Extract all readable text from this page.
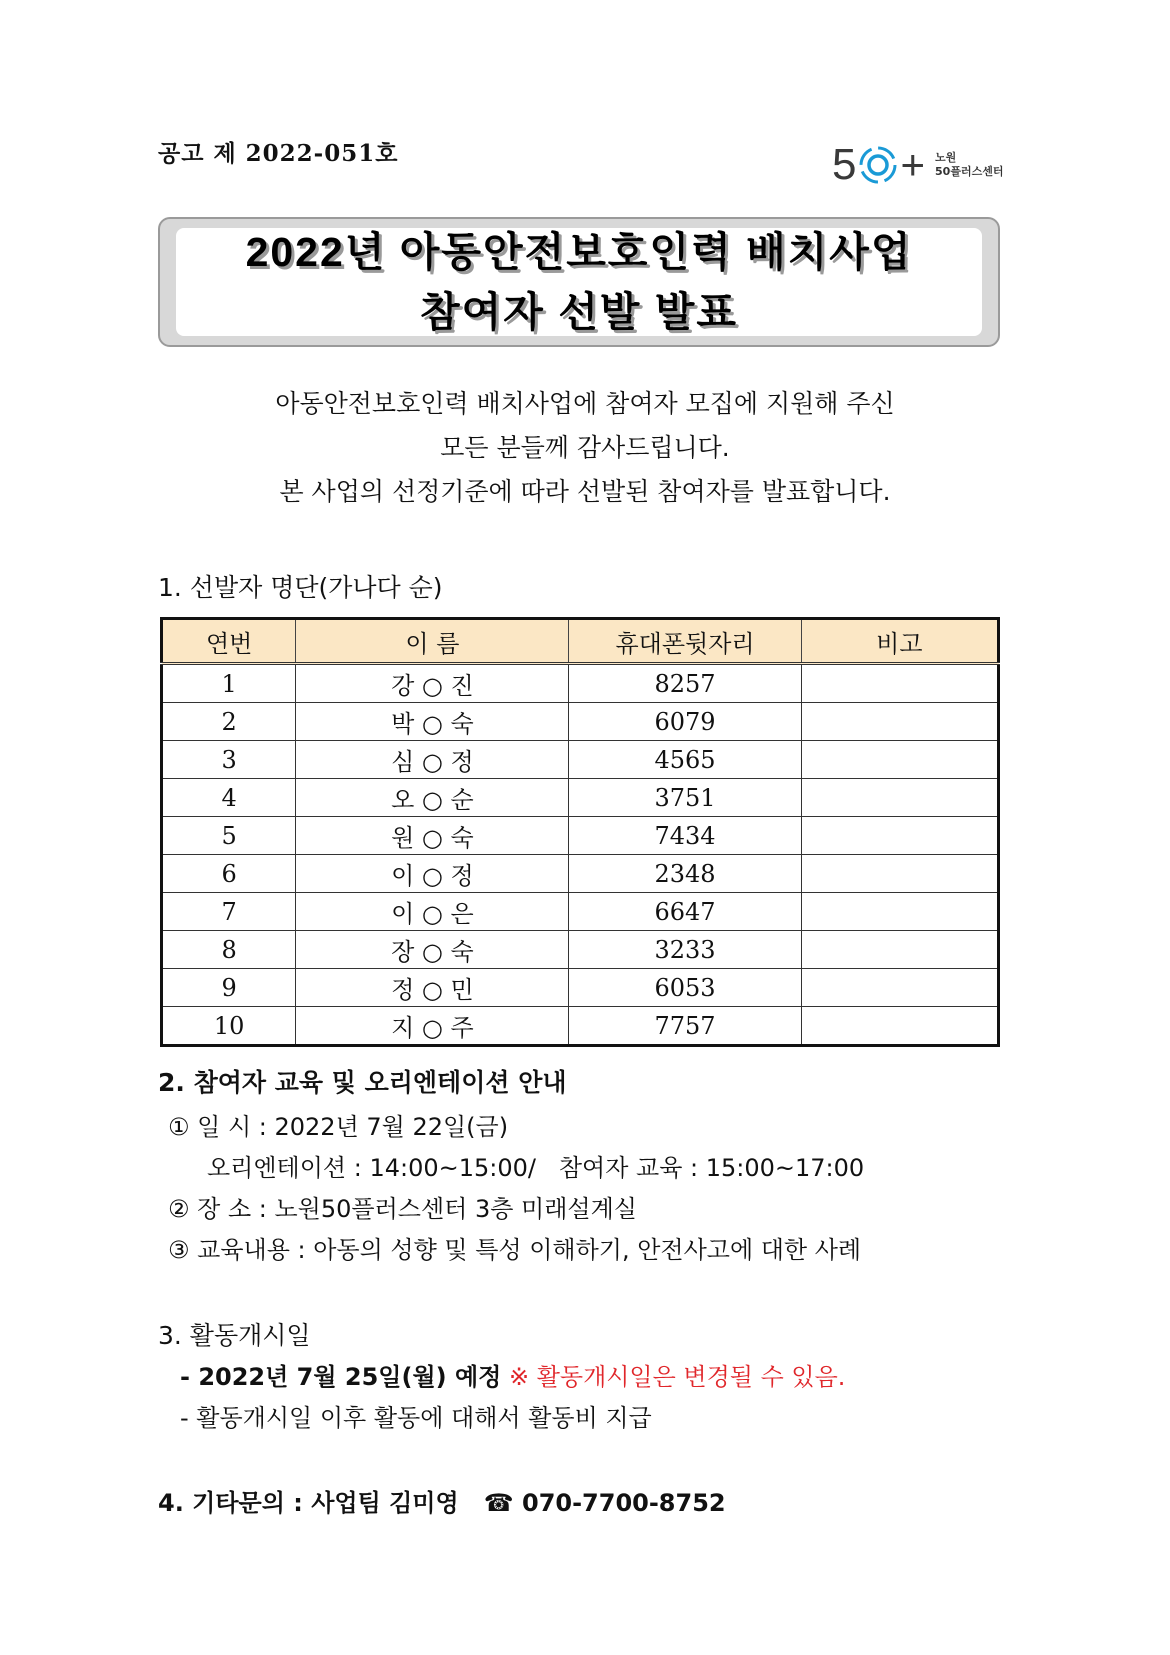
공고 제 2022-051호	5 + 노원
50플러스센터
2022년 아동안전보호인력 배치사업
참여자 선발 발표
아동안전보호인력 배치사업에 참여자 모집에 지원해 주신
모든 분들께 감사드립니다.
본 사업의 선정기준에 따라 선발된 참여자를 발표합니다.
1. 선발자 명단(가나다 순)
연번	이 름	휴대폰뒷자리	비고
1	강 ○ 진	8257	
2	박 ○ 숙	6079	
3	심 ○ 정	4565	
4	오 ○ 순	3751	
5	원 ○ 숙	7434	
6	이 ○ 정	2348	
7	이 ○ 은	6647	
8	장 ○ 숙	3233	
9	정 ○ 민	6053	
10	지 ○ 주	7757	
2. 참여자 교육 및 오리엔테이션 안내
① 일 시 : 2022년 7월 22일(금)
오리엔테이션 : 14:00~15:00/   참여자 교육 : 15:00~17:00
② 장 소 : 노원50플러스센터 3층 미래설계실
③ 교육내용 : 아동의 성향 및 특성 이해하기, 안전사고에 대한 사례
3. 활동개시일
- 2022년 7월 25일(월) 예정 ※ 활동개시일은 변경될 수 있음.
- 활동개시일 이후 활동에 대해서 활동비 지급
4. 기타문의 : 사업팀 김미영   ☎ 070-7700-8752
